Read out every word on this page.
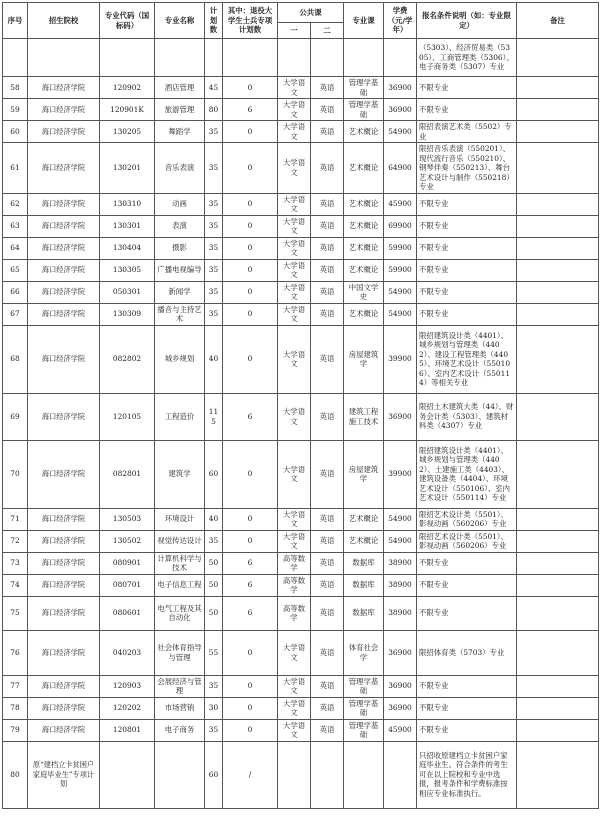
序号	招生院校	专业代码（国标码）	专业名称	计划数	其中：退役大学生士兵专项计划数	公共课		专业课	学费（元/学年）	报名条件说明（如：专业限定）	备注
						一	二				
										（5303）、经济贸易类（5305）、工商管理类（5306）、电子商务类（5307）专业	
58	海口经济学院	120902	酒店管理	45	0	大学语文	英语	管理学基础	36900	不限专业	
59	海口经济学院	120901K	旅游管理	80	6	大学语文	英语	管理学基础	36900	不限专业	
60	海口经济学院	130205	舞蹈学	35	0	大学语文	英语	艺术概论	54900	限招表演艺术类（5502）专业	
61	海口经济学院	130201	音乐表演	35	0	大学语文	英语	艺术概论	64900	限招音乐表演（550201）、现代流行音乐（550210）、钢琴伴奏（550213）、舞台艺术设计与制作（550218）专业	
62	海口经济学院	130310	动画	35	0	大学语文	英语	艺术概论	45900	不限专业	
63	海口经济学院	130301	表演	35	0	大学语文	英语	艺术概论	69900	不限专业	
64	海口经济学院	130404	摄影	35	0	大学语文	英语	艺术概论	59900	不限专业	
65	海口经济学院	130305	广播电视编导	35	0	大学语文	英语	艺术概论	59900	不限专业	
66	海口经济学院	050301	新闻学	35	0	大学语文	英语	中国文学史	54900	不限专业	
67	海口经济学院	130309	播音与主持艺术	35	0	大学语文	英语	艺术概论	54900	不限专业	
68	海口经济学院	082802	城乡规划	40	0	大学语文	英语	房屋建筑学	39900	限招建筑设计类（4401）、城乡规划与管理类（4402）、建设工程管理类（4405）、环境艺术设计（550106）、室内艺术设计（550114）等相关专业	
69	海口经济学院	120105	工程造价	115	6	大学语文	英语	建筑工程施工技术	36900	限招土木建筑大类（44）、财务会计类（5303）、建筑材料类（4307）专业	
70	海口经济学院	082801	建筑学	60	0	大学语文	英语	房屋建筑学	39900	限招建筑设计类（4401）、城乡规划与管理类（4402）、土建施工类（4403）、建筑设备类（4404）、环境艺术设计（550106）、室内艺术设计（550114）专业	
71	海口经济学院	130503	环境设计	40	0	大学语文	英语	艺术概论	54900	限招艺术设计类（5501）、影视动画（560206）专业	
72	海口经济学院	130502	视觉传达设计	35	0	大学语文	英语	艺术概论	54900	限招艺术设计类（5501）、影视动画（560206）专业	
73	海口经济学院	080901	计算机科学与技术	50	6	高等数学	英语	数据库	38900	不限专业	
74	海口经济学院	080701	电子信息工程	50	6	高等数学	英语	数据库	38900	不限专业	
75	海口经济学院	080601	电气工程及其自动化	50	6	高等数学	英语	数据库	38900	不限专业	
76	海口经济学院	040203	社会体育指导与管理	55	0	大学语文	英语	体育社会学	36900	限招体育类（5703）专业	
77	海口经济学院	120903	会展经济与管理	35	0	大学语文	英语	管理学基础	36900	不限专业	
78	海口经济学院	120202	市场营销	30	0	大学语文	英语	管理学基础	36900	不限专业	
79	海口经济学院	120801	电子商务	35	0	大学语文	英语	管理学基础	45900	不限专业	
80	原“建档立卡贫困户家庭毕业生”专项计划			60	/					只招收原建档立卡贫困户家庭毕业生。符合条件的考生可在以上院校和专业中选报，报考条件和学费标准按相应专业标准执行。	
